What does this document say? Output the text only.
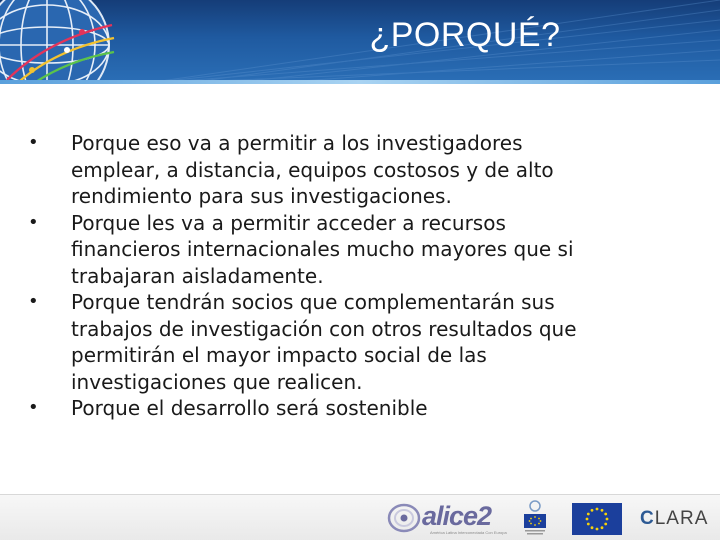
¿PORQUÉ?
• Porque eso va a permitir a los investigadores
emplear, a distancia, equipos costosos y de alto
rendimiento para sus investigaciones.
• Porque les va a permitir acceder a recursos
financieros internacionales mucho mayores que si
trabajaran aisladamente.
• Porque tendrán socios que complementarán sus
trabajos de investigación con otros resultados que
permitirán el mayor impacto social de las
investigaciones que realicen.
• Porque el desarrollo será sostenible
alice2
América Latina Interconectada Con Europa
CLARA
